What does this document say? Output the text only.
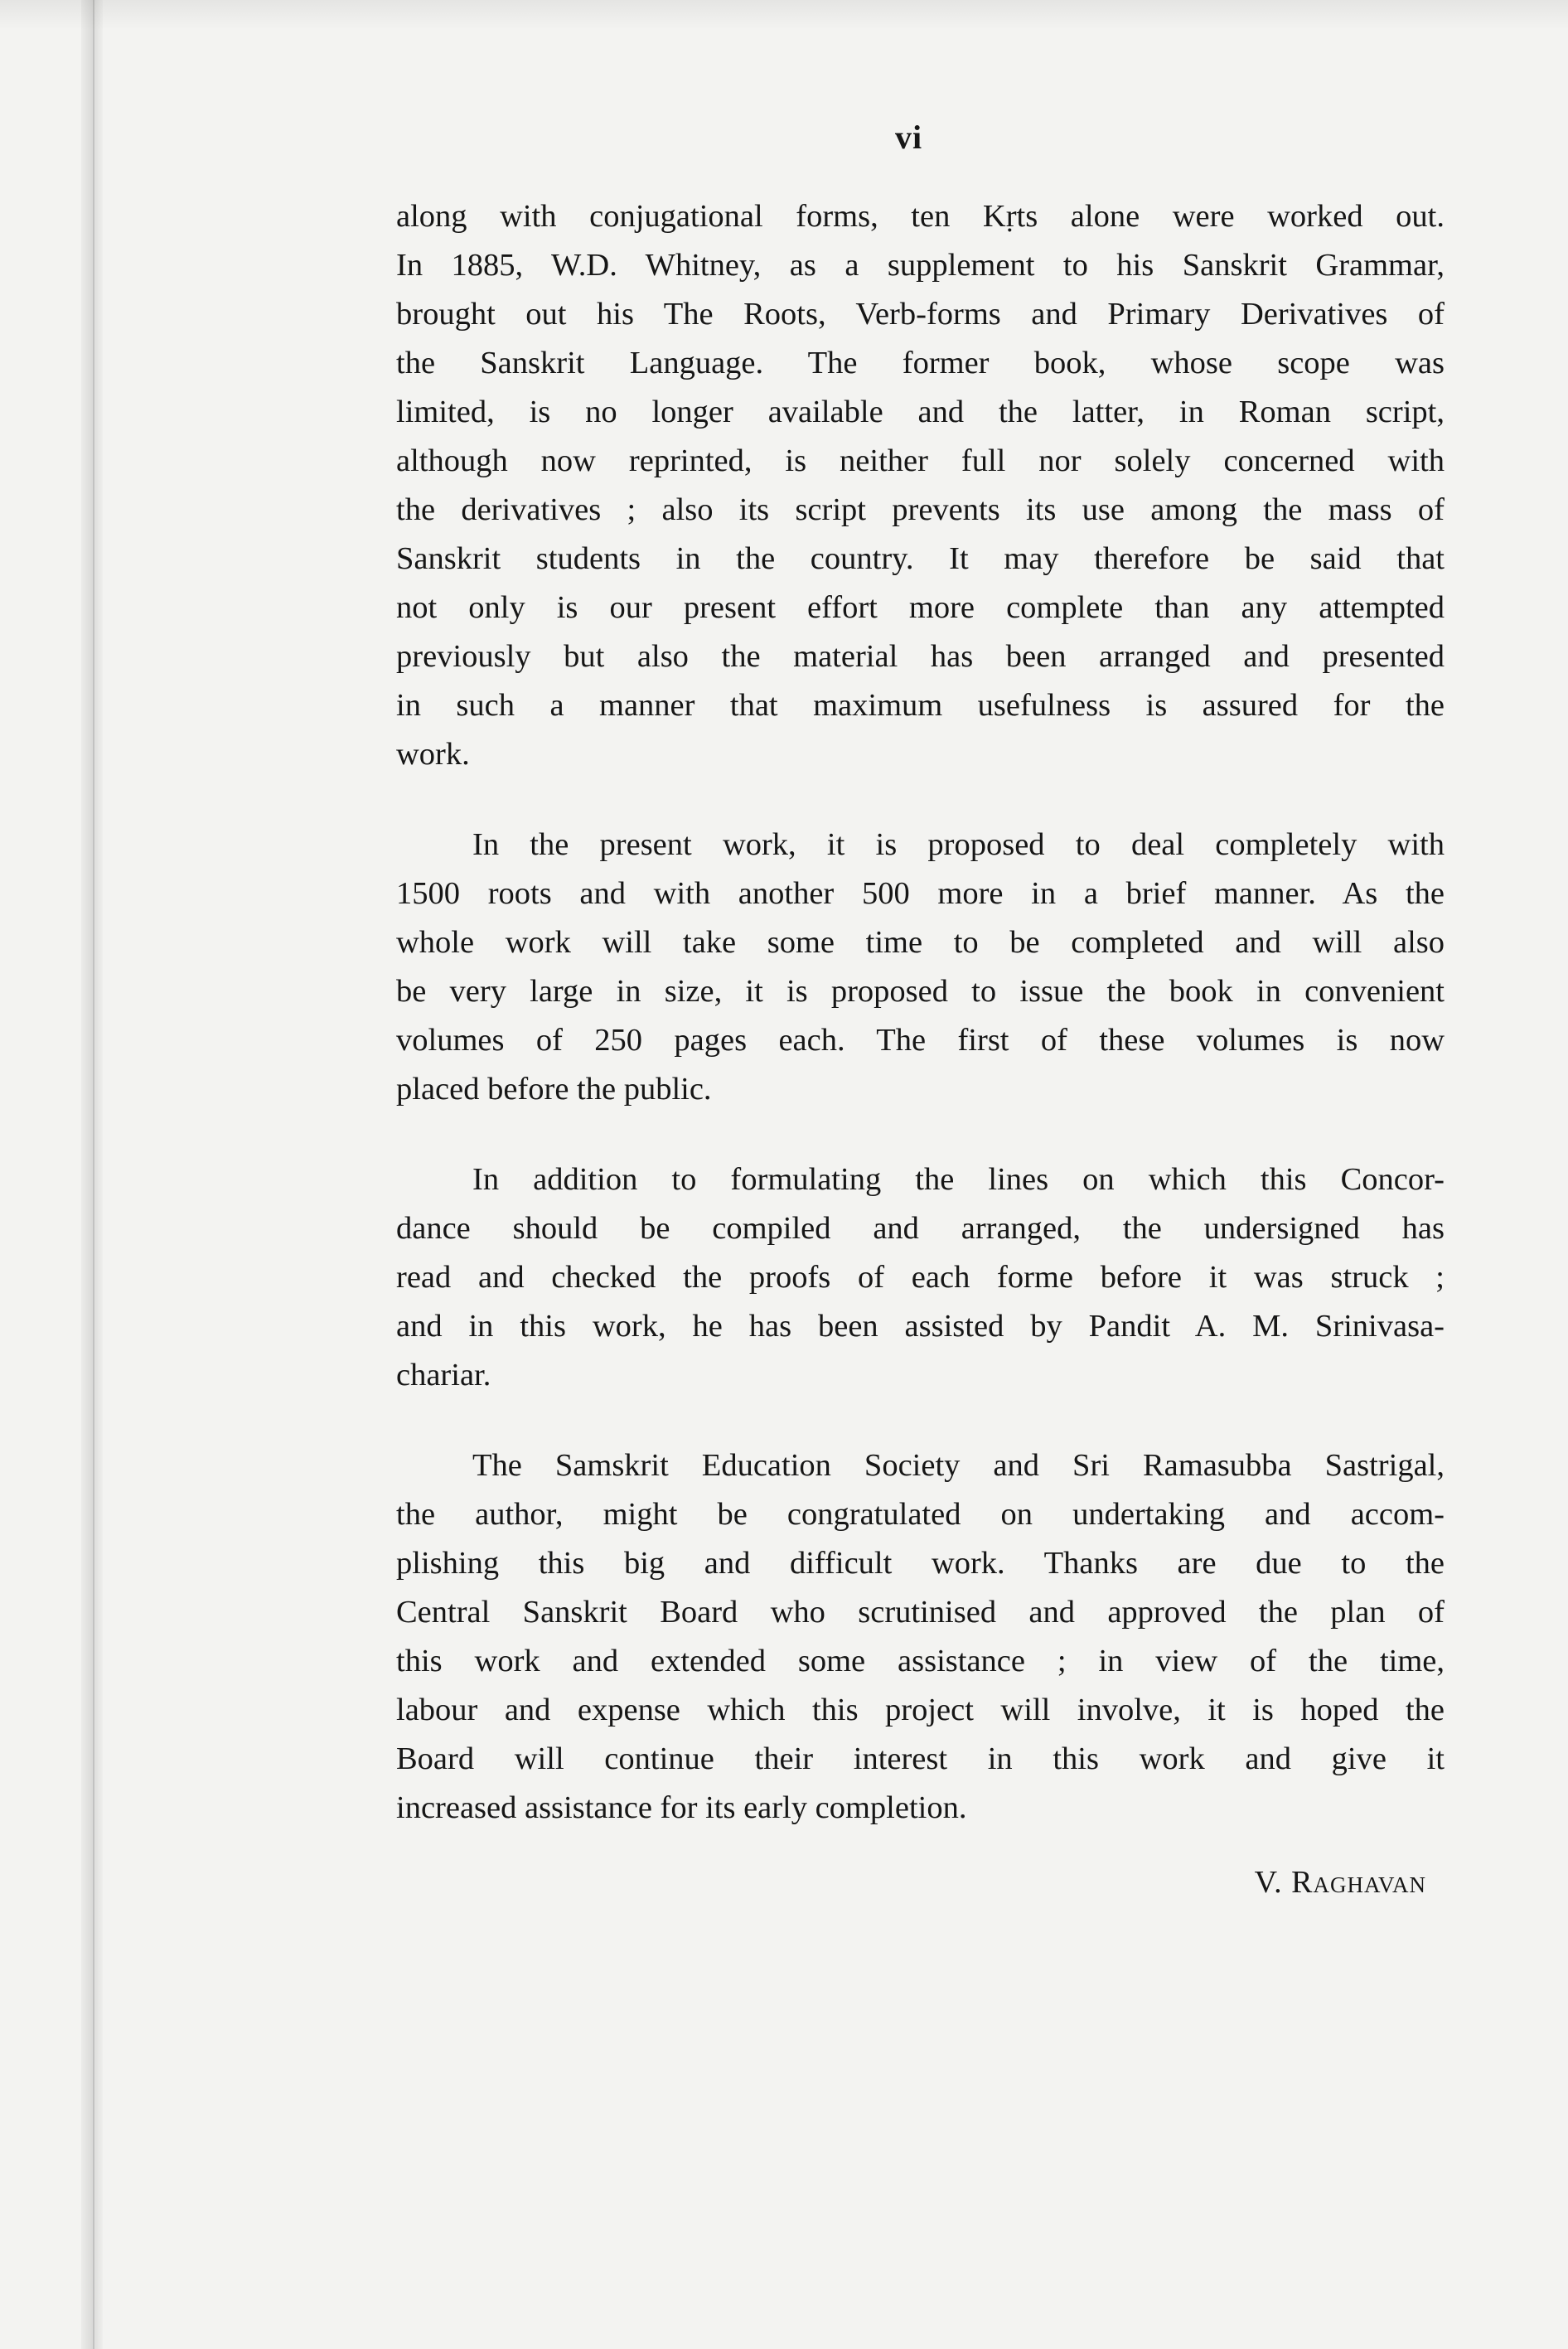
vi

along with conjugational forms, ten Kṛts alone were worked out.
In 1885, W.D. Whitney, as a supplement to his Sanskrit Grammar,
brought out his The Roots, Verb-forms and Primary Derivatives of
the Sanskrit Language. The former book, whose scope was
limited, is no longer available and the latter, in Roman script,
although now reprinted, is neither full nor solely concerned with
the derivatives ; also its script prevents its use among the mass of
Sanskrit students in the country. It may therefore be said that
not only is our present effort more complete than any attempted
previously but also the material has been arranged and presented
in such a manner that maximum usefulness is assured for the
work.

In the present work, it is proposed to deal completely with
1500 roots and with another 500 more in a brief manner. As the
whole work will take some time to be completed and will also
be very large in size, it is proposed to issue the book in convenient
volumes of 250 pages each. The first of these volumes is now
placed before the public.

In addition to formulating the lines on which this Concor-
dance should be compiled and arranged, the undersigned has
read and checked the proofs of each forme before it was struck ;
and in this work, he has been assisted by Pandit A. M. Srinivasa-
chariar.

The Samskrit Education Society and Sri Ramasubba Sastrigal,
the author, might be congratulated on undertaking and accom-
plishing this big and difficult work. Thanks are due to the
Central Sanskrit Board who scrutinised and approved the plan of
this work and extended some assistance ; in view of the time,
labour and expense which this project will involve, it is hoped the
Board will continue their interest in this work and give it
increased assistance for its early completion.

V. Raghavan
